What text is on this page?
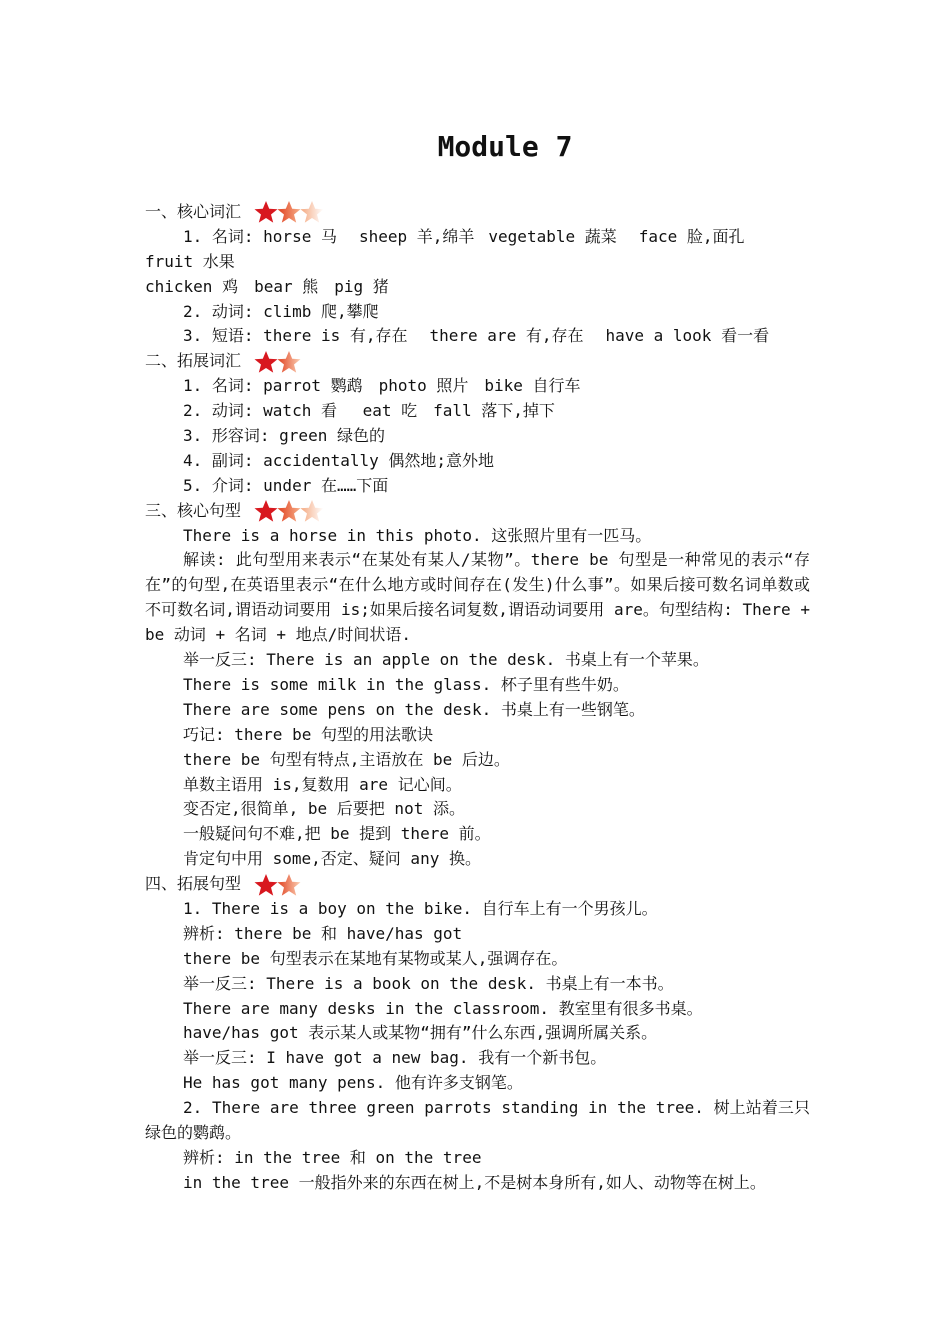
Module 7
一、核心词汇
1. 名词: horse 马 sheep 羊,绵羊 vegetable 蔬菜 face 脸,面孔
fruit 水果
chicken 鸡　bear 熊　pig 猪
2. 动词: climb 爬,攀爬
3. 短语: there is 有,存在 there are 有,存在 have a look 看一看
二、拓展词汇
1. 名词: parrot 鹦鹉　photo 照片　bike 自行车
2. 动词: watch 看　 eat 吃　fall 落下,掉下
3. 形容词: green 绿色的
4. 副词: accidentally 偶然地;意外地
5. 介词: under 在……下面
三、核心句型
There is a horse in this photo. 这张照片里有一匹马。
解读: 此句型用来表示“在某处有某人/某物”。there be 句型是一种常见的表示“存在”的句型,在英语里表示“在什么地方或时间存在(发生)什么事”。如果后接可数名词单数或不可数名词,谓语动词要用 is;如果后接名词复数,谓语动词要用 are。句型结构: There + be 动词 + 名词 + 地点/时间状语.
举一反三: There is an apple on the desk. 书桌上有一个苹果。
There is some milk in the glass. 杯子里有些牛奶。
There are some pens on the desk. 书桌上有一些钢笔。
巧记: there be 句型的用法歌诀
there be 句型有特点,主语放在 be 后边。
单数主语用 is,复数用 are 记心间。
变否定,很简单, be 后要把 not 添。
一般疑问句不难,把 be 提到 there 前。
肯定句中用 some,否定、疑问 any 换。
四、拓展句型
1. There is a boy on the bike. 自行车上有一个男孩儿。
辨析: there be 和 have/has got
there be 句型表示在某地有某物或某人,强调存在。
举一反三: There is a book on the desk. 书桌上有一本书。
There are many desks in the classroom. 教室里有很多书桌。
have/has got 表示某人或某物“拥有”什么东西,强调所属关系。
举一反三: I have got a new bag. 我有一个新书包。
He has got many pens. 他有许多支钢笔。
2. There are three green parrots standing in the tree. 树上站着三只绿色的鹦鹉。
辨析: in the tree 和 on the tree
in the tree 一般指外来的东西在树上,不是树本身所有,如人、动物等在树上。
